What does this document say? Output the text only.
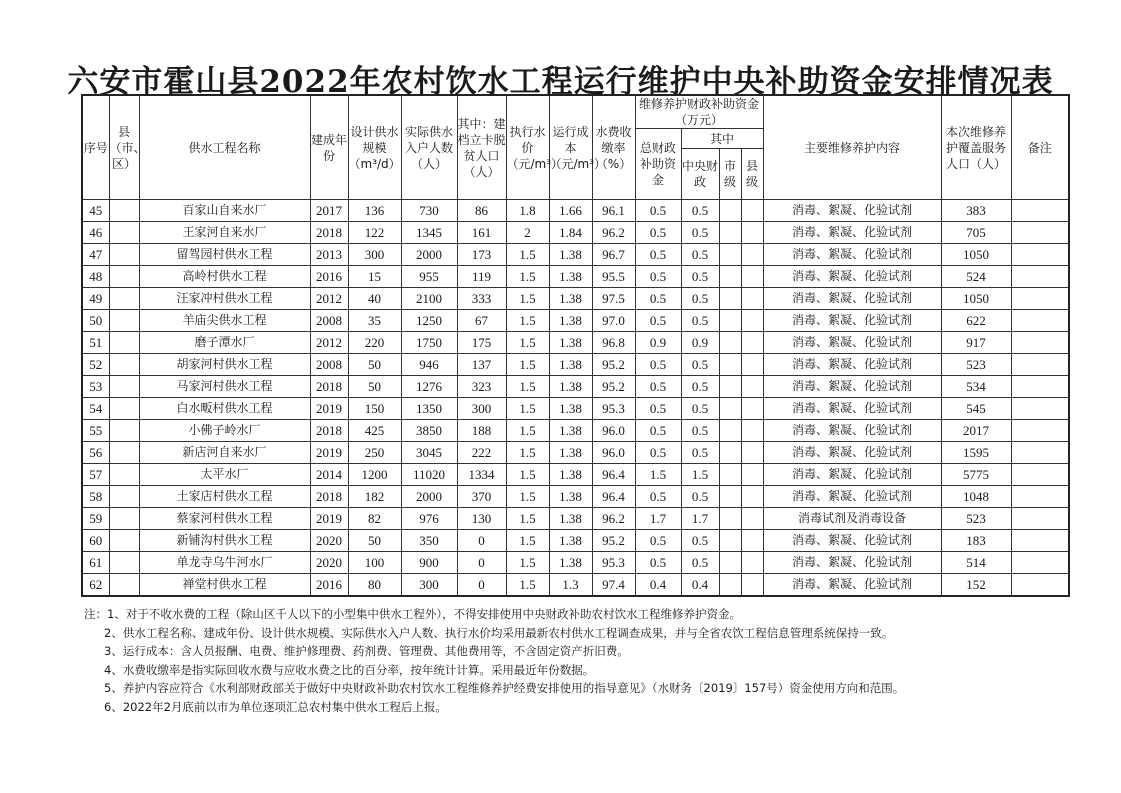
六安市霍山县2022年农村饮水工程运行维护中央补助资金安排情况表
序号	县（市、区）	供水工程名称	建成年份	设计供水规模（m³/d）	实际供水入户人数（人）	其中：建档立卡脱贫人口（人）	执行水价（元/m³）	运行成本（元/m³）	水费收缴率（%）	维修养护财政补助资金（万元）				主要维修养护内容	本次维修养护覆盖服务人口（人）	备注
										总财政补助资金	其中					
											中央财政	市级	县级			
45		百家山自来水厂	2017	136	730	86	1.8	1.66	96.1	0.5	0.5			消毒、絮凝、化验试剂	383	
46		王家河自来水厂	2018	122	1345	161	2	1.84	96.2	0.5	0.5			消毒、絮凝、化验试剂	705	
47		留驾园村供水工程	2013	300	2000	173	1.5	1.38	96.7	0.5	0.5			消毒、絮凝、化验试剂	1050	
48		高岭村供水工程	2016	15	955	119	1.5	1.38	95.5	0.5	0.5			消毒、絮凝、化验试剂	524	
49		汪家冲村供水工程	2012	40	2100	333	1.5	1.38	97.5	0.5	0.5			消毒、絮凝、化验试剂	1050	
50		羊庙尖供水工程	2008	35	1250	67	1.5	1.38	97.0	0.5	0.5			消毒、絮凝、化验试剂	622	
51		磨子潭水厂	2012	220	1750	175	1.5	1.38	96.8	0.9	0.9			消毒、絮凝、化验试剂	917	
52		胡家河村供水工程	2008	50	946	137	1.5	1.38	95.2	0.5	0.5			消毒、絮凝、化验试剂	523	
53		马家河村供水工程	2018	50	1276	323	1.5	1.38	95.2	0.5	0.5			消毒、絮凝、化验试剂	534	
54		白水畈村供水工程	2019	150	1350	300	1.5	1.38	95.3	0.5	0.5			消毒、絮凝、化验试剂	545	
55		小佛子岭水厂	2018	425	3850	188	1.5	1.38	96.0	0.5	0.5			消毒、絮凝、化验试剂	2017	
56		新店河自来水厂	2019	250	3045	222	1.5	1.38	96.0	0.5	0.5			消毒、絮凝、化验试剂	1595	
57		太平水厂	2014	1200	11020	1334	1.5	1.38	96.4	1.5	1.5			消毒、絮凝、化验试剂	5775	
58		土家店村供水工程	2018	182	2000	370	1.5	1.38	96.4	0.5	0.5			消毒、絮凝、化验试剂	1048	
59		蔡家河村供水工程	2019	82	976	130	1.5	1.38	96.2	1.7	1.7			消毒试剂及消毒设备	523	
60		新铺沟村供水工程	2020	50	350	0	1.5	1.38	95.2	0.5	0.5			消毒、絮凝、化验试剂	183	
61		单龙寺乌牛河水厂	2020	100	900	0	1.5	1.38	95.3	0.5	0.5			消毒、絮凝、化验试剂	514	
62		禅堂村供水工程	2016	80	300	0	1.5	1.3	97.4	0.4	0.4			消毒、絮凝、化验试剂	152	
注：1、对于不收水费的工程（除山区千人以下的小型集中供水工程外），不得安排使用中央财政补助农村饮水工程维修养护资金。
2、供水工程名称、建成年份、设计供水规模、实际供水入户人数、执行水价均采用最新农村供水工程调查成果，并与全省农饮工程信息管理系统保持一致。
3、运行成本：含人员报酬、电费、维护修理费、药剂费、管理费、其他费用等，不含固定资产折旧费。
4、水费收缴率是指实际回收水费与应收水费之比的百分率，按年统计计算。采用最近年份数据。
5、养护内容应符合《水利部财政部关于做好中央财政补助农村饮水工程维修养护经费安排使用的指导意见》（水财务〔2019〕157号）资金使用方向和范围。
6、2022年2月底前以市为单位逐项汇总农村集中供水工程后上报。
